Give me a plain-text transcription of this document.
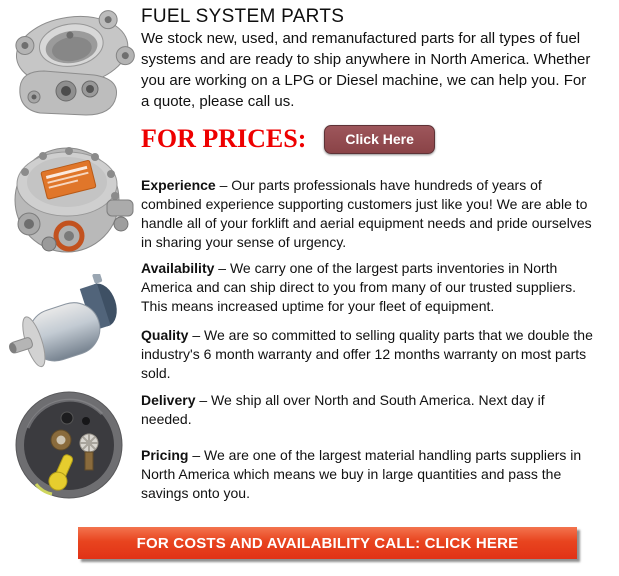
FUEL SYSTEM PARTS

We stock new, used, and remanufactured parts for all types of fuel systems and are ready to ship anywhere in North America. Whether you are working on a LPG or Diesel machine, we can help you. For a quote, please call us.

FOR PRICES:	Click Here

Experience – Our parts professionals have hundreds of years of combined experience supporting customers just like you! We are able to handle all of your forklift and aerial equipment needs and pride ourselves in sharing your sense of urgency.

Availability – We carry one of the largest parts inventories in North America and can ship direct to you from many of our trusted suppliers. This means increased uptime for your fleet of equipment.

Quality – We are so committed to selling quality parts that we double the industry's 6 month warranty and offer 12 months warranty on most parts sold.

Delivery – We ship all over North and South America. Next day if needed.

Pricing – We are one of the largest material handling parts suppliers in North America which means we buy in large quantities and pass the savings onto you.

FOR COSTS AND AVAILABILITY CALL: CLICK HERE
